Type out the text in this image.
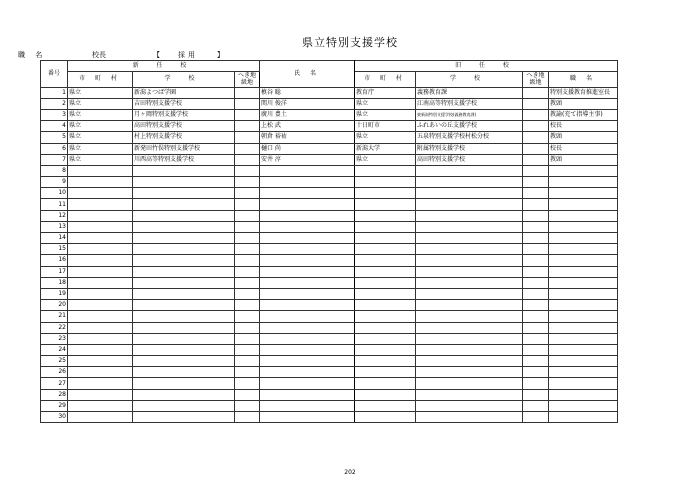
県立特別支援学校
職 名	校長	【	採用	】
番号	新 任 校			氏 名	旧 任 校			
	市 町 村	学 校	へき地級地		市 町 村	学 校	へき地級地	職 名
1	県立	新潟よつば学園		槙谷 聡	教育庁	義務教育課		特別支援教育推進室長
2	県立	吉田特別支援学校		関川 俊洋	県立	江南高等特別支援学校		教頭
3	県立	月ヶ岡特別支援学校		廣川 豊土	県立	東新潟特別支援学校(義務教育課)		教諭(充て指導主事)
4	県立	高田特別支援学校		上松 武	十日町市	ふれあいの丘支援学校		校長
5	県立	村上特別支援学校		朝倉 裕祐	県立	五泉特別支援学校村松分校		教頭
6	県立	新発田竹俣特別支援学校		樋口 尚	新潟大学	附属特別支援学校		校長
7	県立	川西高等特別支援学校		安井 淳	県立	高田特別支援学校		教頭
8								
9								
10								
11								
12								
13								
14								
15								
16								
17								
18								
19								
20								
21								
22								
23								
24								
25								
26								
27								
28								
29								
30								
202
